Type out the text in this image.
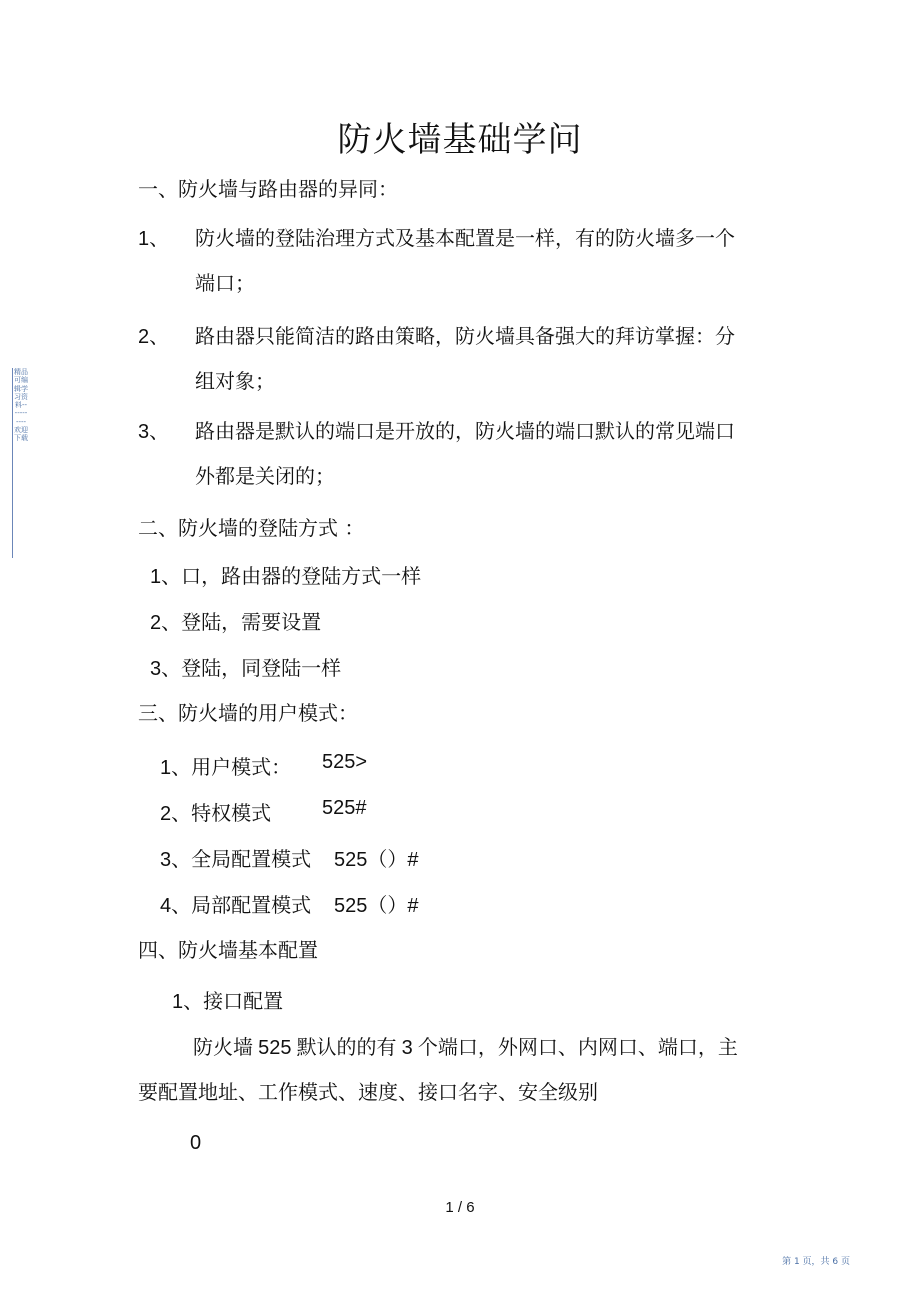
防火墙基础学问
精品可编辑学习资料-----------欢迎下载
一、防火墙与路由器的异同：
1、 防火墙的登陆治理方式及基本配置是一样，有的防火墙多一个
端口；
2、 路由器只能简洁的路由策略，防火墙具备强大的拜访掌握：分
组对象；
3、 路由器是默认的端口是开放的，防火墙的端口默认的常见端口
外都是关闭的；
二、防火墙的登陆方式 ：
1、口，路由器的登陆方式一样
2、登陆，需要设置
3、登陆，同登陆一样
三、防火墙的用户模式：
1、用户模式： 525>
2、特权模式	525#
3、全局配置模式 525（）#
4、局部配置模式 525（）#
四、防火墙基本配置
1、接口配置
防火墙 525 默认的的有 3 个端口，外网口、内网口、端口，主
要配置地址、工作模式、速度、接口名字、安全级别
0
1 / 6
第 1 页，共 6 页
